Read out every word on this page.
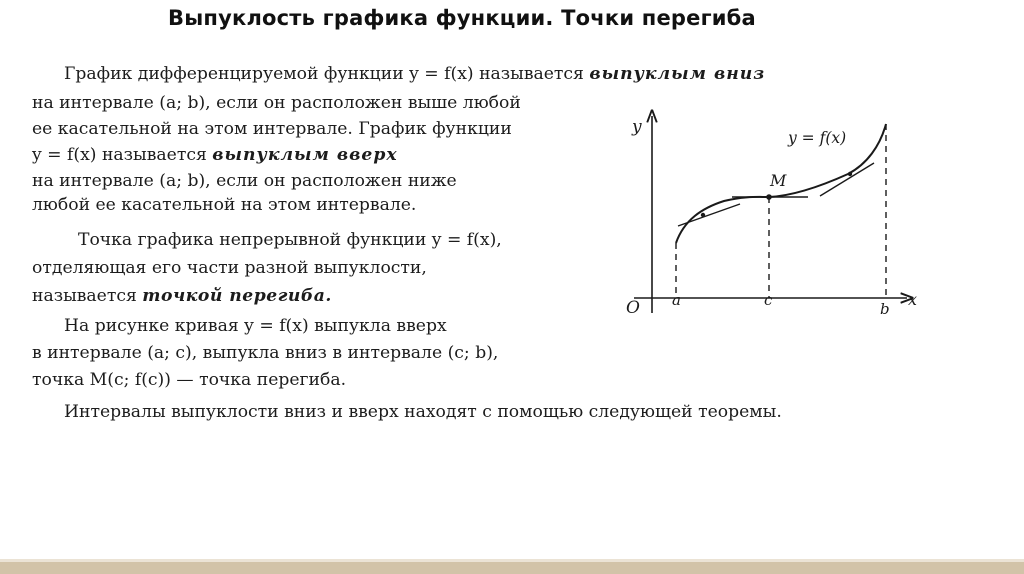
Выпуклость графика функции. Точки перегиба
График дифференцируемой функции y = f(x) называется выпуклым вниз
на интервале (a; b), если он расположен выше любой
ее касательной на этом интервале. График функции
y = f(x) называется выпуклым вверх
на интервале (a; b), если он расположен ниже
любой ее касательной на этом интервале.
Точка графика непрерывной функции y = f(x),
отделяющая его части разной выпуклости,
называется точкой перегиба.
На рисунке кривая y = f(x) выпукла вверх
в интервале (a; c), выпукла вниз в интервале (c; b),
точка M(c; f(c)) — точка перегиба.
Интервалы выпуклости вниз и вверх находят с помощью следующей теоремы.
y
x
O
y = f(x)
M
a	c	b
